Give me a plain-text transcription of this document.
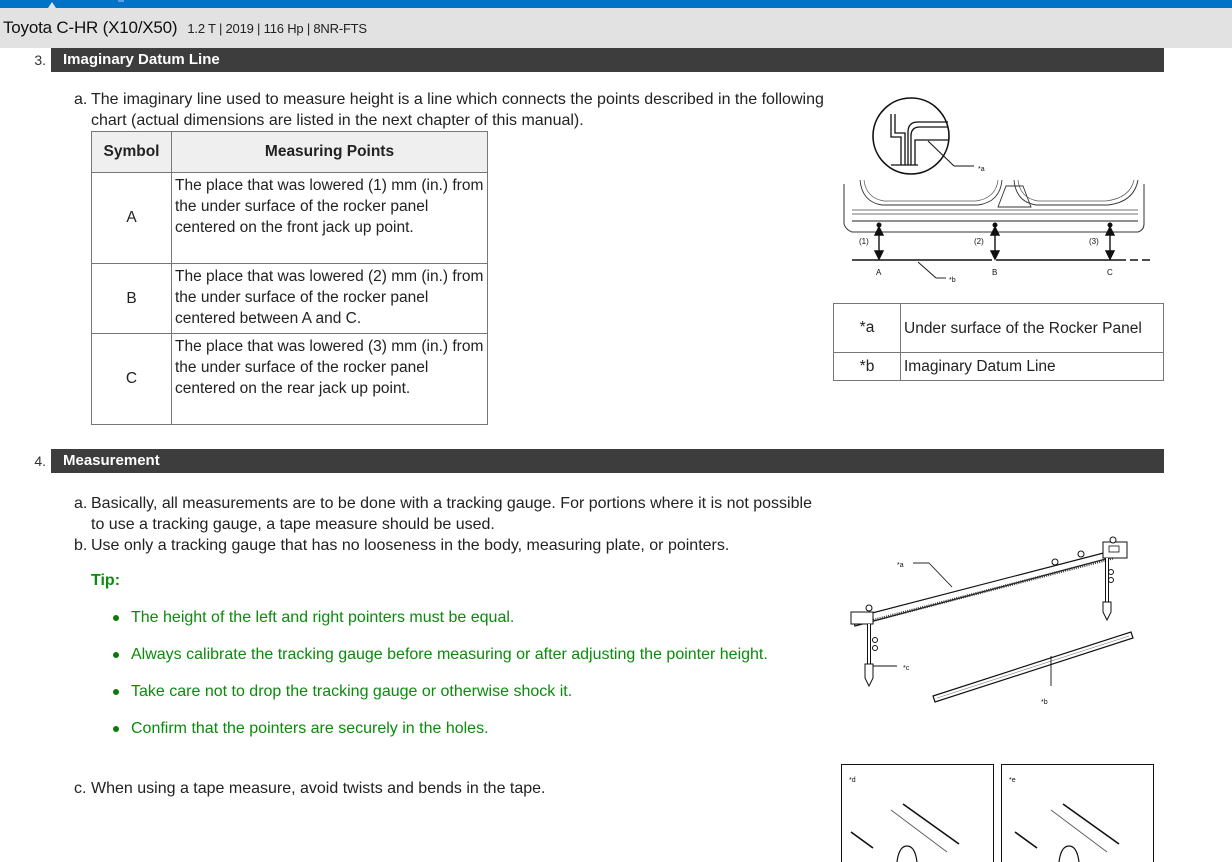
Toyota C-HR (X10/X50) 1.2 T | 2019 | 116 Hp | 8NR-FTS
3.	Imaginary Datum Line
a. The imaginary line used to measure height is a line which connects the points described in the following chart (actual dimensions are listed in the next chapter of this manual).
Symbol	Measuring Points
A	The place that was lowered (1) mm (in.) from the under surface of the rocker panel centered on the front jack up point.
B	The place that was lowered (2) mm (in.) from the under surface of the rocker panel centered between A and C.
C	The place that was lowered (3) mm (in.) from the under surface of the rocker panel centered on the rear jack up point.
*a
*b
(1)	(2)	(3)
A	B	C
*a	Under surface of the Rocker Panel
*b	Imaginary Datum Line
4.	Measurement
a. Basically, all measurements are to be done with a tracking gauge. For portions where it is not possible to use a tracking gauge, a tape measure should be used.
b. Use only a tracking gauge that has no looseness in the body, measuring plate, or pointers.
Tip:
The height of the left and right pointers must be equal.
Always calibrate the tracking gauge before measuring or after adjusting the pointer height.
Take care not to drop the tracking gauge or otherwise shock it.
Confirm that the pointers are securely in the holes.
c. When using a tape measure, avoid twists and bends in the tape.
*a
*b
*c
*d	*e
